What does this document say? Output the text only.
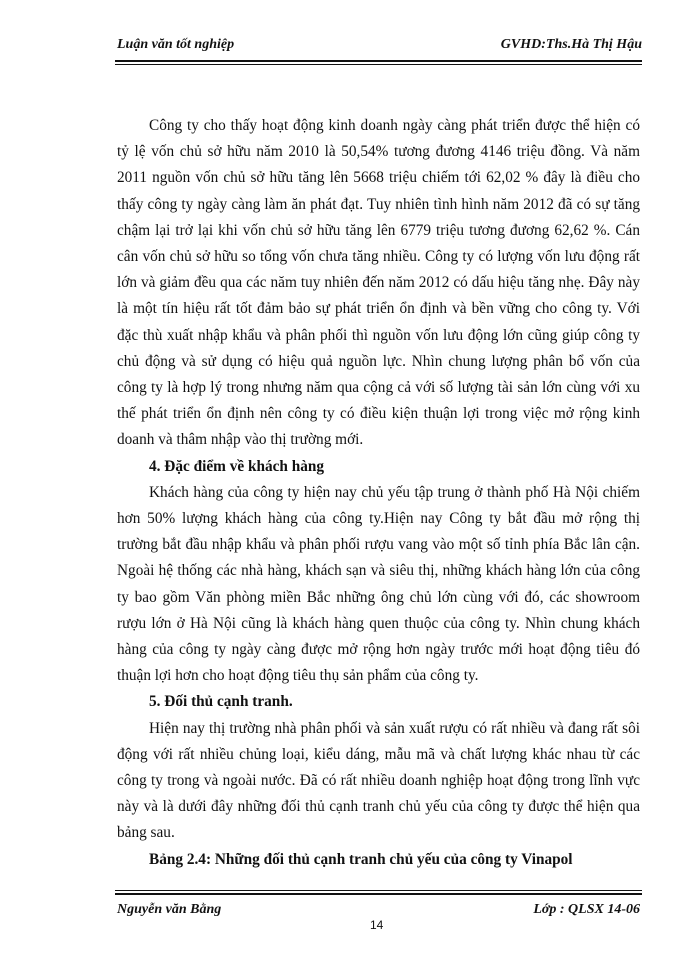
Luận văn tốt nghiệp	GVHD:Ths.Hà Thị Hậu

Công ty cho thấy hoạt động kinh doanh ngày càng phát triển được thể hiện có tỷ lệ vốn chủ sở hữu năm 2010 là 50,54% tương đương 4146 triệu đồng. Và năm 2011 nguồn vốn chủ sở hữu tăng lên 5668 triệu chiếm tới 62,02 % đây là điều cho thấy công ty ngày càng làm ăn phát đạt. Tuy nhiên tình hình năm 2012 đã có sự tăng chậm lại trở lại khi vốn chủ sở hữu tăng lên 6779 triệu tương đương 62,62 %. Cán cân vốn chủ sở hữu so tổng vốn chưa tăng nhiều. Công ty có lượng vốn lưu động rất lớn và giảm đều qua các năm tuy nhiên đến năm 2012 có dấu hiệu tăng nhẹ. Đây này là một tín hiệu rất tốt đảm bảo sự phát triển ổn định và bền vững cho công ty. Với đặc thù xuất nhập khẩu và phân phối thì nguồn vốn lưu động lớn cũng giúp công ty chủ động và sử dụng có hiệu quả nguồn lực. Nhìn chung lượng phân bổ vốn của công ty là hợp lý trong nhưng năm qua cộng cả với số lượng tài sản lớn cùng với xu thế phát triển ổn định nên công ty có điều kiện thuận lợi trong việc mở rộng kinh doanh và thâm nhập vào thị trường mới.

4. Đặc điểm về khách hàng

Khách hàng của công ty hiện nay chủ yếu tập trung ở thành phố Hà Nội chiếm hơn 50% lượng khách hàng của công ty.Hiện nay Công ty bắt đầu mở rộng thị trường bắt đầu nhập khẩu và phân phối rượu vang vào một số tỉnh phía Bắc lân cận. Ngoài hệ thống các nhà hàng, khách sạn và siêu thị, những khách hàng lớn của công ty bao gồm Văn phòng miền Bắc những ông chủ lớn cùng với đó, các showroom rượu lớn ở Hà Nội cũng là khách hàng quen thuộc của công ty. Nhìn chung khách hàng của công ty ngày càng được mở rộng hơn ngày trước mới hoạt động tiêu đó thuận lợi hơn cho hoạt động tiêu thụ sản phẩm của công ty.

5. Đối thủ cạnh tranh.

Hiện nay thị trường nhà phân phối và sản xuất rượu có rất nhiều và đang rất sôi động với rất nhiều chủng loại, kiểu dáng, mẫu mã và chất lượng khác nhau từ các công ty trong và ngoài nước. Đã có rất nhiều doanh nghiệp hoạt động trong lĩnh vực này và là dưới đây những đối thủ cạnh tranh chủ yếu của công ty được thể hiện qua bảng sau.

Bảng 2.4: Những đối thủ cạnh tranh chủ yếu của công ty Vinapol

Nguyễn văn Bằng
14
Lớp : QLSX 14-06
